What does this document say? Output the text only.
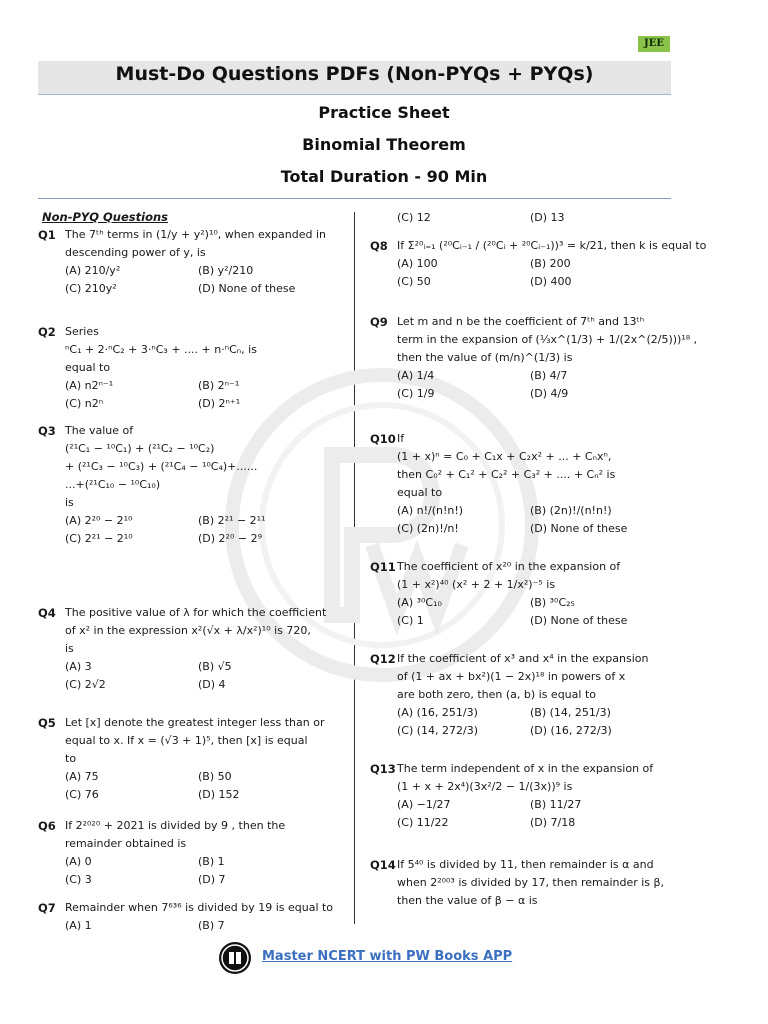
JEE
Must-Do Questions PDFs (Non-PYQs + PYQs)
Practice Sheet
Binomial Theorem
Total Duration - 90 Min
Non-PYQ Questions
Q1 The 7ᵗʰ terms in (1/y + y²)¹⁰, when expanded in
descending power of y, is
(A) 210/y²	(B) y²/210
(C) 210y²	(D) None of these
Q2 Series
ⁿC₁ + 2·ⁿC₂ + 3·ⁿC₃ + .... + n·ⁿCₙ, is
equal to
(A) n2ⁿ⁻¹	(B) 2ⁿ⁻¹
(C) n2ⁿ	(D) 2ⁿ⁺¹
Q3 The value of
(²¹C₁ − ¹⁰C₁) + (²¹C₂ − ¹⁰C₂)
+ (²¹C₃ − ¹⁰C₃) + (²¹C₄ − ¹⁰C₄)+......
...+(²¹C₁₀ − ¹⁰C₁₀)
is
(A) 2²⁰ − 2¹⁰	(B) 2²¹ − 2¹¹
(C) 2²¹ − 2¹⁰	(D) 2²⁰ − 2⁹
Q4 The positive value of λ for which the coefficient
of x² in the expression x²(√x + λ/x²)¹⁰ is 720,
is
(A) 3	(B) √5
(C) 2√2	(D) 4
Q5 Let [x] denote the greatest integer less than or
equal to x. If x = (√3 + 1)⁵, then [x] is equal
to
(A) 75	(B) 50
(C) 76	(D) 152
Q6 If 2²⁰²⁰ + 2021 is divided by 9 , then the
remainder obtained is
(A) 0	(B) 1
(C) 3	(D) 7
Q7 Remainder when 7⁶³⁶ is divided by 19 is equal to
(A) 1	(B) 7
(C) 12	(D) 13
Q8 If Σ²⁰ᵢ₌₁ (²⁰Cᵢ₋₁ / (²⁰Cᵢ + ²⁰Cᵢ₋₁))³ = k/21, then k is equal to
(A) 100	(B) 200
(C) 50	(D) 400
Q9 Let m and n be the coefficient of 7ᵗʰ and 13ᵗʰ
term in the expansion of (⅓x^(1/3) + 1/(2x^(2/5)))¹⁸ ,
then the value of (m/n)^(1/3) is
(A) 1/4	(B) 4/7
(C) 1/9	(D) 4/9
Q10 If
(1 + x)ⁿ = C₀ + C₁x + C₂x² + ... + Cₙxⁿ,
then C₀² + C₁² + C₂² + C₃² + .... + Cₙ² is
equal to
(A) n!/(n!n!)	(B) (2n)!/(n!n!)
(C) (2n)!/n!	(D) None of these
Q11 The coefficient of x²⁰ in the expansion of
(1 + x²)⁴⁰ (x² + 2 + 1/x²)⁻⁵ is
(A) ³⁰C₁₀	(B) ³⁰C₂₅
(C) 1	(D) None of these
Q12 If the coefficient of x³ and x⁴ in the expansion
of (1 + ax + bx²)(1 − 2x)¹⁸ in powers of x
are both zero, then (a, b) is equal to
(A) (16, 251/3)	(B) (14, 251/3)
(C) (14, 272/3)	(D) (16, 272/3)
Q13 The term independent of x in the expansion of
(1 + x + 2x⁴)(3x²/2 − 1/(3x))⁹ is
(A) −1/27	(B) 11/27
(C) 11/22	(D) 7/18
Q14 If 5⁴⁰ is divided by 11, then remainder is α and
when 2²⁰⁰³ is divided by 17, then remainder is β,
then the value of β − α is
Master NCERT with PW Books APP
